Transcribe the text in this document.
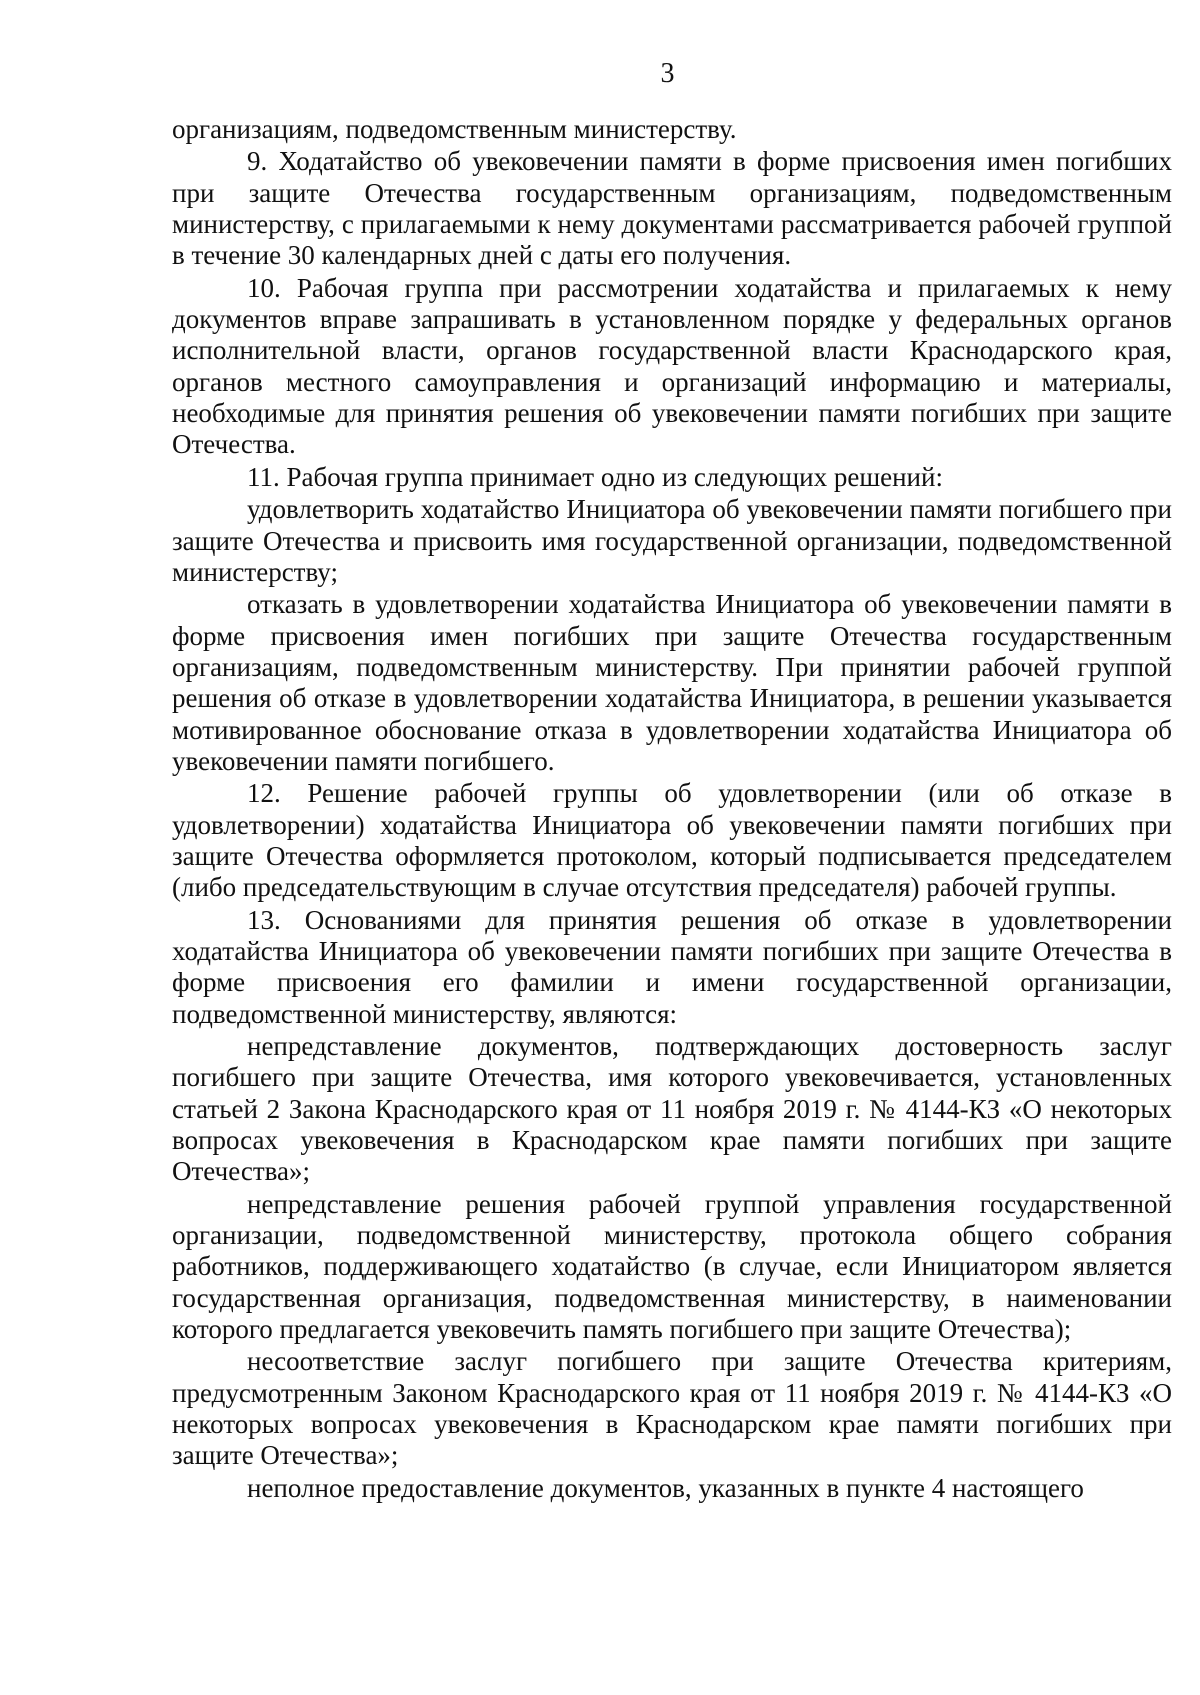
3

организациям, подведомственным министерству.

9. Ходатайство об увековечении памяти в форме присвоения имен погибших при защите Отечества государственным организациям, подведомственным министерству, с прилагаемыми к нему документами рассматривается рабочей группой в течение 30 календарных дней с даты его получения.

10. Рабочая группа при рассмотрении ходатайства и прилагаемых к нему документов вправе запрашивать в установленном порядке у федеральных органов исполнительной власти, органов государственной власти Краснодарского края, органов местного самоуправления и организаций информацию и материалы, необходимые для принятия решения об увековечении памяти погибших при защите Отечества.

11. Рабочая группа принимает одно из следующих решений:

удовлетворить ходатайство Инициатора об увековечении памяти погибшего при защите Отечества и присвоить имя государственной организации, подведомственной министерству;

отказать в удовлетворении ходатайства Инициатора об увековечении памяти в форме присвоения имен погибших при защите Отечества государственным организациям, подведомственным министерству. При принятии рабочей группой решения об отказе в удовлетворении ходатайства Инициатора, в решении указывается мотивированное обоснование отказа в удовлетворении ходатайства Инициатора об увековечении памяти погибшего.

12. Решение рабочей группы об удовлетворении (или об отказе в удовлетворении) ходатайства Инициатора об увековечении памяти погибших при защите Отечества оформляется протоколом, который подписывается председателем (либо председательствующим в случае отсутствия председателя) рабочей группы.

13. Основаниями для принятия решения об отказе в удовлетворении ходатайства Инициатора об увековечении памяти погибших при защите Отечества в форме присвоения его фамилии и имени государственной организации, подведомственной министерству, являются:

непредставление документов, подтверждающих достоверность заслуг погибшего при защите Отечества, имя которого увековечивается, установленных статьей 2 Закона Краснодарского края от 11 ноября 2019 г. № 4144-КЗ «О некоторых вопросах увековечения в Краснодарском крае памяти погибших при защите Отечества»;

непредставление решения рабочей группой управления государственной организации, подведомственной министерству, протокола общего собрания работников, поддерживающего ходатайство (в случае, если Инициатором является государственная организация, подведомственная министерству, в наименовании которого предлагается увековечить память погибшего при защите Отечества);

несоответствие заслуг погибшего при защите Отечества критериям, предусмотренным Законом Краснодарского края от 11 ноября 2019 г. № 4144-КЗ «О некоторых вопросах увековечения в Краснодарском крае памяти погибших при защите Отечества»;

неполное предоставление документов, указанных в пункте 4 настоящего
